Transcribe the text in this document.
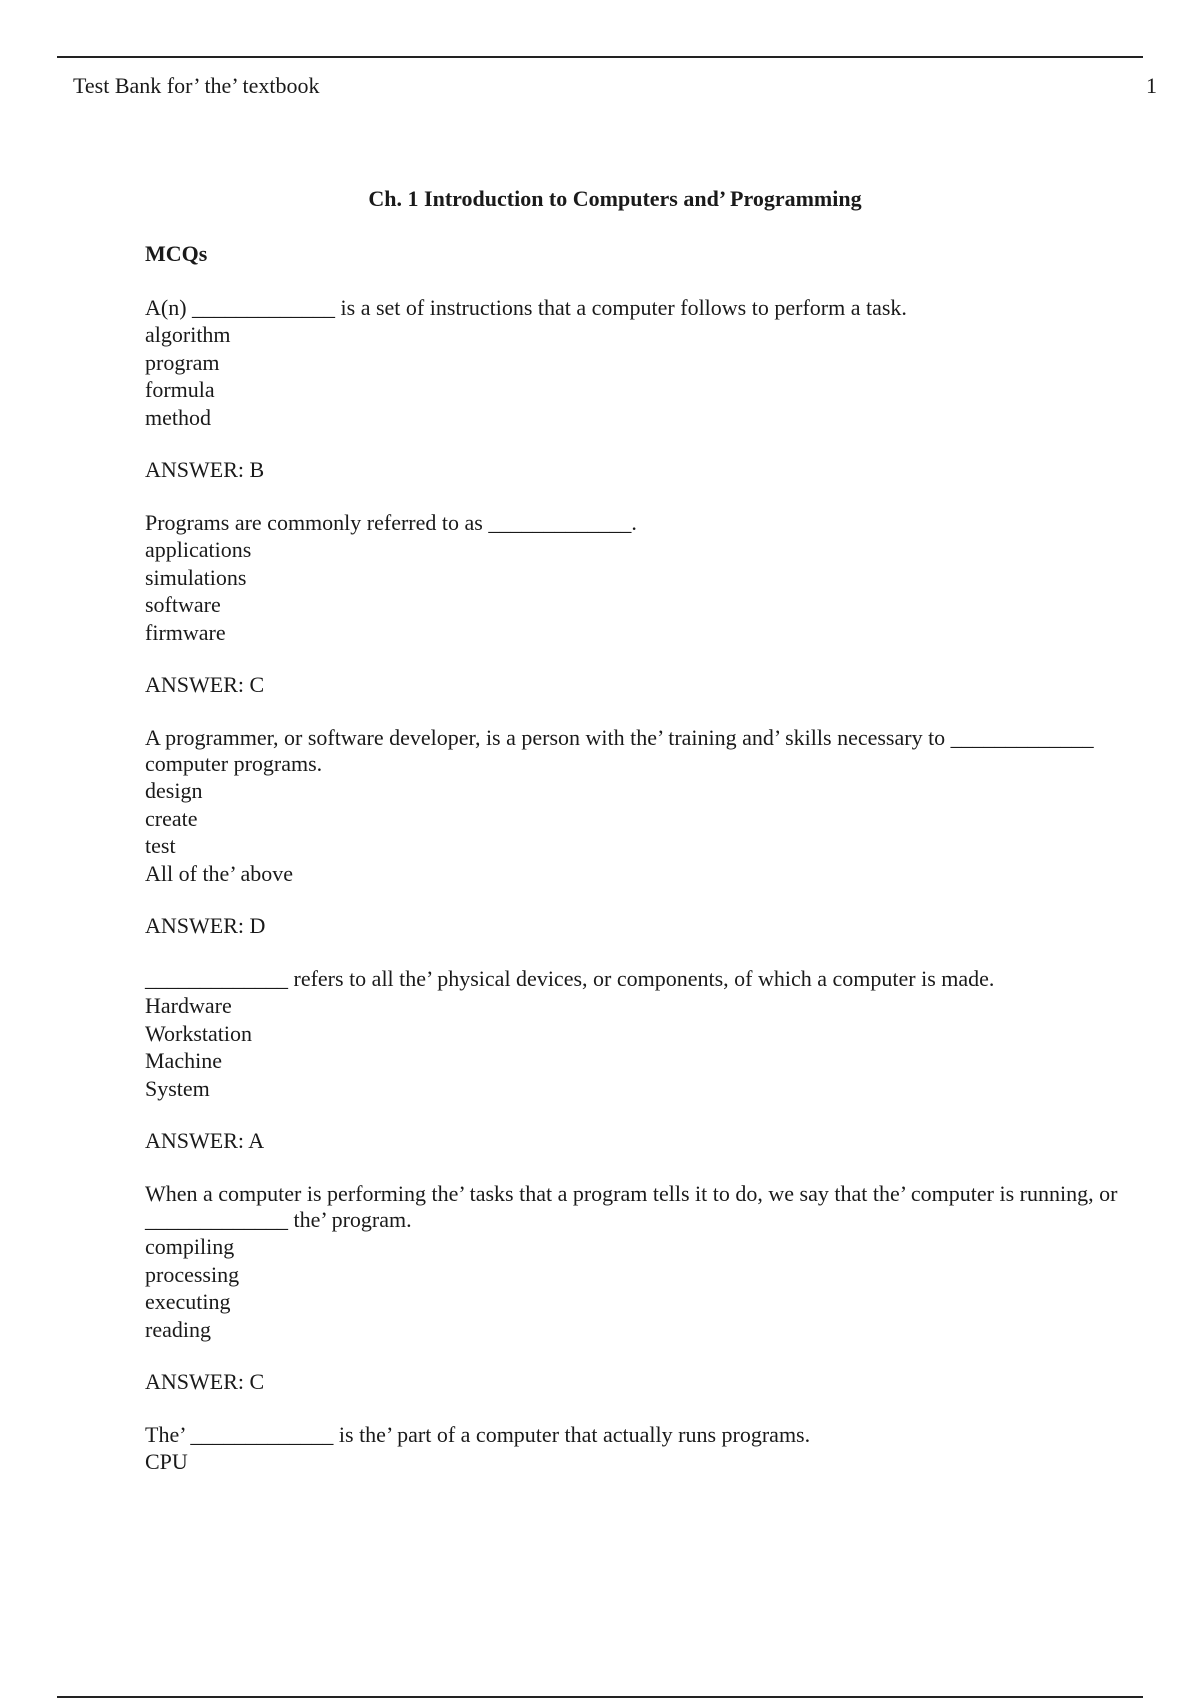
Test Bank for’ the’ textbook	1
Ch. 1 Introduction to Computers and’ Programming
MCQs

A(n) _____________ is a set of instructions that a computer follows to perform a task.

algorithm
program
formula
method

ANSWER: B

Programs are commonly referred to as _____________.

applications
simulations
software
firmware

ANSWER: C

A programmer, or software developer, is a person with the’ training and’ skills necessary to _____________ computer programs.

design
create
test
All of the’ above

ANSWER: D

_____________ refers to all the’ physical devices, or components, of which a computer is made.

Hardware
Workstation
Machine
System

ANSWER: A

When a computer is performing the’ tasks that a program tells it to do, we say that the’ computer is running, or _____________ the’ program.

compiling
processing
executing
reading

ANSWER: C

The’ _____________ is the’ part of a computer that actually runs programs.

CPU
